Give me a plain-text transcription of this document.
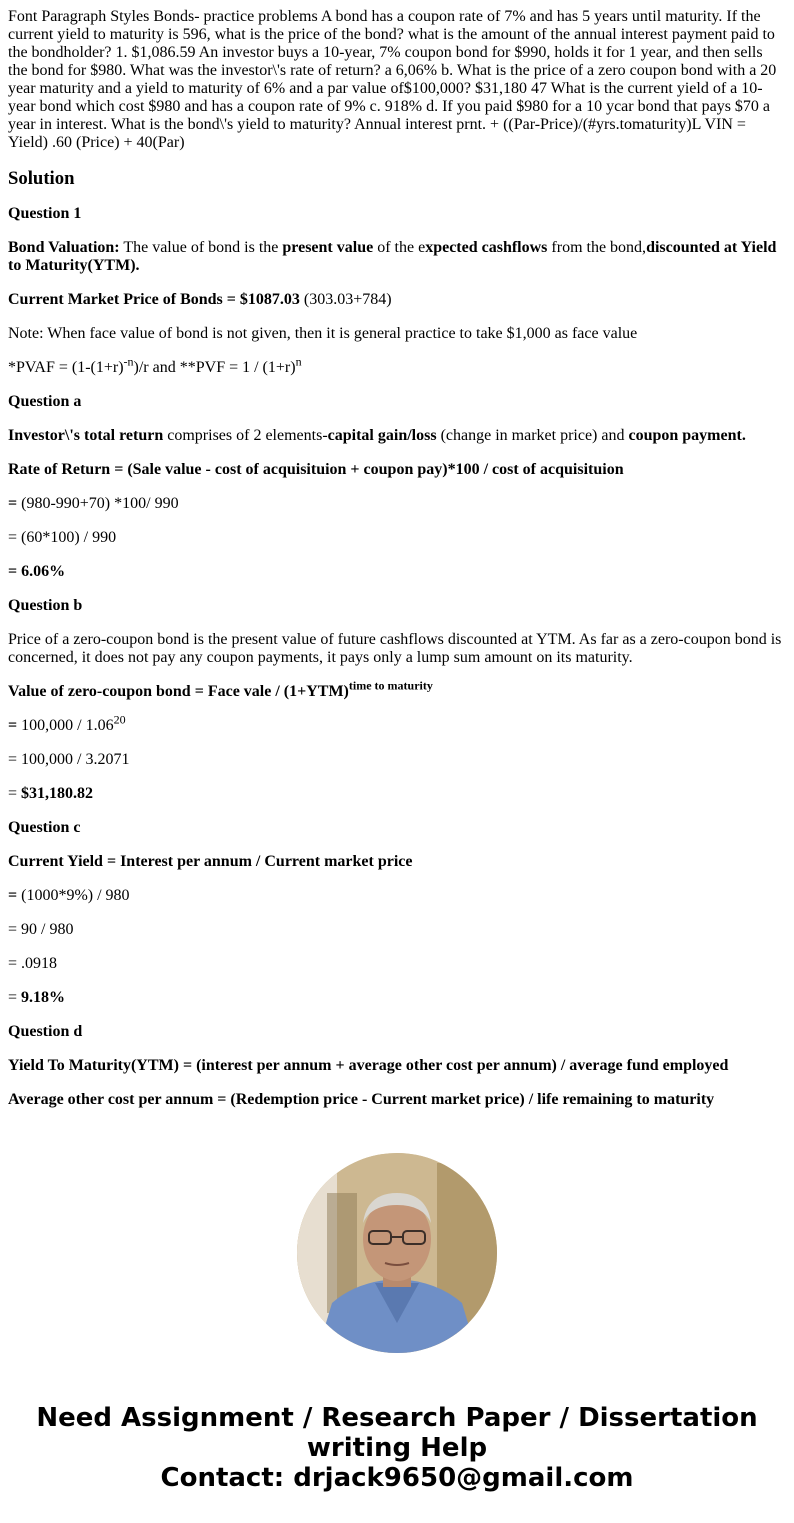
Font Paragraph Styles Bonds- practice problems A bond has a coupon rate of 7% and has 5 years until maturity. If the current yield to maturity is 596, what is the price of the bond? what is the amount of the annual interest payment paid to the bondholder? 1. $1,086.59 An investor buys a 10-year, 7% coupon bond for $990, holds it for 1 year, and then sells the bond for $980. What was the investor\'s rate of return? a 6,06% b. What is the price of a zero coupon bond with a 20 year maturity and a yield to maturity of 6% and a par value of$100,000? $31,180 47 What is the current yield of a 10-year bond which cost $980 and has a coupon rate of 9% c. 918% d. If you paid $980 for a 10 ycar bond that pays $70 a year in interest. What is the bond\'s yield to maturity? Annual interest prnt. + ((Par-Price)/(#yrs.tomaturity)L VIN = Yield) .60 (Price) + 40(Par)

Solution

Question 1

Bond Valuation: The value of bond is the present value of the expected cashflows from the bond,discounted at Yield to Maturity(YTM).

Current Market Price of Bonds = $1087.03 (303.03+784)

Note: When face value of bond is not given, then it is general practice to take $1,000 as face value

*PVAF = $(1-(1+r)^{-n})/r$ and $**PVF = 1 / (1+r)^n$

Question a

Investor\'s total return comprises of 2 elements-capital gain/loss (change in market price) and coupon payment.

Rate of Return = (Sale value - cost of acquisituion + coupon pay)*100 / cost of acquisituion

= (980-990+70) *100/ 990

= (60*100) / 990

= 6.06%

Question b

Price of a zero-coupon bond is the present value of future cashflows discounted at YTM. As far as a zero-coupon bond is concerned, it does not pay any coupon payments, it pays only a lump sum amount on its maturity.

Value of zero-coupon bond = Face vale / $(1+YTM)^{time to maturity}$

= 100,000 / 1.06$^{20}$

= 100,000 / 3.2071

= $31,180.82

Question c

Current Yield = Interest per annum / Current market price

= (1000*9%) / 980

= 90 / 980

= .0918

= 9.18%

Question d

Yield To Maturity(YTM) = (interest per annum + average other cost per annum) / average fund employed

Average other cost per annum = (Redemption price - Current market price) / life remaining to maturity

Need Assignment / Research Paper / Dissertation
writing Help
Contact: drjack9650@gmail.com
